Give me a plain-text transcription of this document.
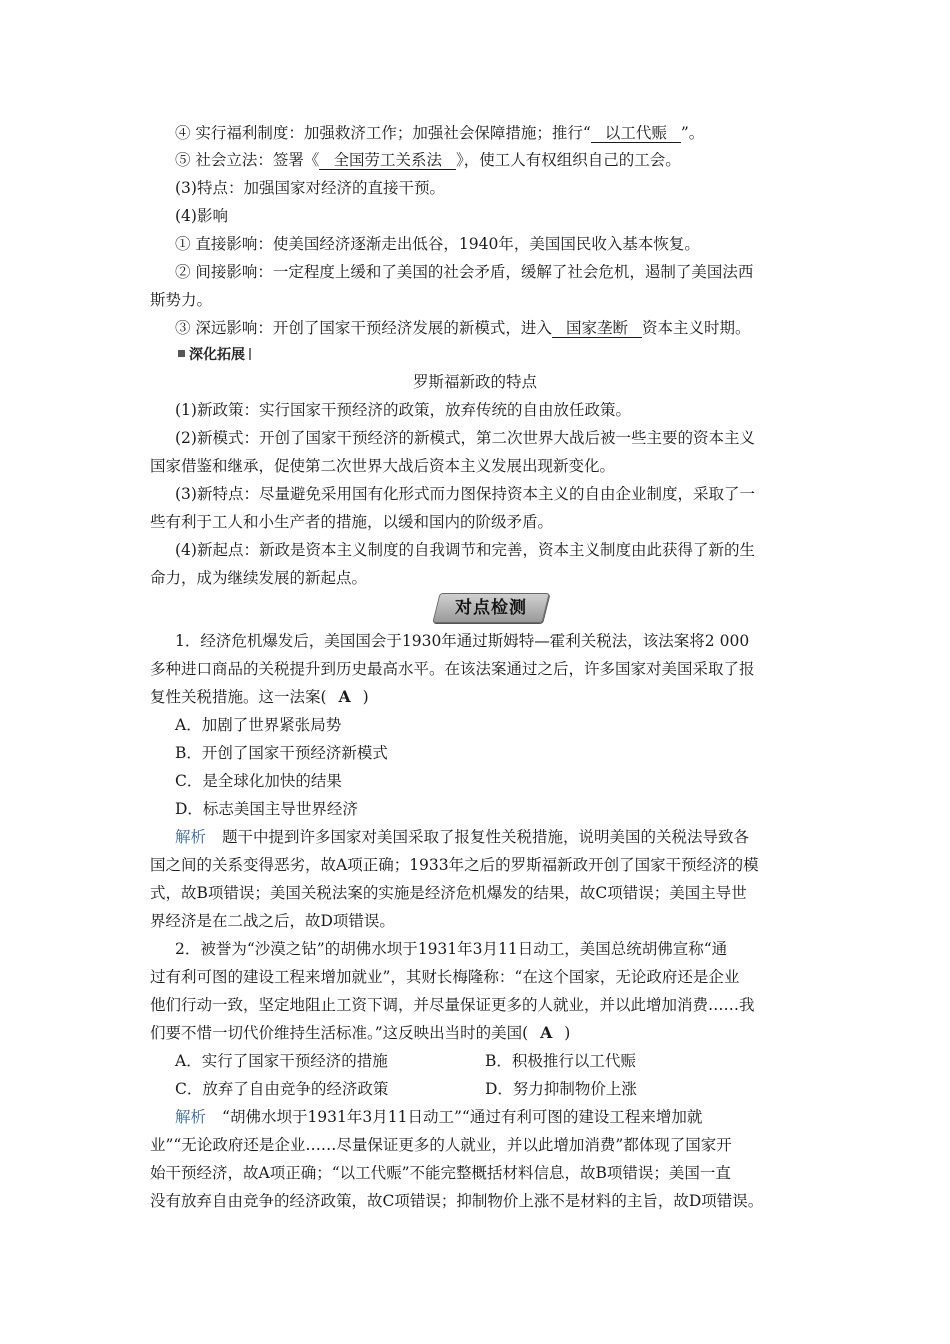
④ 实行福利制度：加强救济工作；加强社会保障措施；推行“ 以工代赈 ”。
⑤ 社会立法：签署《 全国劳工关系法 》，使工人有权组织自己的工会。
(3)特点：加强国家对经济的直接干预。
(4)影响
① 直接影响：使美国经济逐渐走出低谷，1940年，美国国民收入基本恢复。
② 间接影响：一定程度上缓和了美国的社会矛盾，缓解了社会危机，遏制了美国法西
斯势力。
③ 深远影响：开创了国家干预经济发展的新模式，进入 国家垄断 资本主义时期。
深化拓展
罗斯福新政的特点
(1)新政策：实行国家干预经济的政策，放弃传统的自由放任政策。
(2)新模式：开创了国家干预经济的新模式，第二次世界大战后被一些主要的资本主义
国家借鉴和继承，促使第二次世界大战后资本主义发展出现新变化。
(3)新特点：尽量避免采用国有化形式而力图保持资本主义的自由企业制度，采取了一
些有利于工人和小生产者的措施，以缓和国内的阶级矛盾。
(4)新起点：新政是资本主义制度的自我调节和完善，资本主义制度由此获得了新的生
命力，成为继续发展的新起点。
对点检测
1．经济危机爆发后，美国国会于1930年通过斯姆特—霍利关税法，该法案将2 000
多种进口商品的关税提升到历史最高水平。在该法案通过之后，许多国家对美国采取了报
复性关税措施。这一法案( A )
A．加剧了世界紧张局势
B．开创了国家干预经济新模式
C．是全球化加快的结果
D．标志美国主导世界经济
解析 题干中提到许多国家对美国采取了报复性关税措施，说明美国的关税法导致各
国之间的关系变得恶劣，故A项正确；1933年之后的罗斯福新政开创了国家干预经济的模
式，故B项错误；美国关税法案的实施是经济危机爆发的结果，故C项错误；美国主导世
界经济是在二战之后，故D项错误。
2．被誉为“沙漠之钻”的胡佛水坝于1931年3月11日动工，美国总统胡佛宣称“通
过有利可图的建设工程来增加就业”，其财长梅隆称：“在这个国家，无论政府还是企业
他们行动一致，坚定地阻止工资下调，并尽量保证更多的人就业，并以此增加消费……我
们要不惜一切代价维持生活标准。”这反映出当时的美国( A )
A．实行了国家干预经济的措施	B．积极推行以工代赈
C．放弃了自由竞争的经济政策	D．努力抑制物价上涨
解析 “胡佛水坝于1931年3月11日动工”“通过有利可图的建设工程来增加就
业”“无论政府还是企业……尽量保证更多的人就业，并以此增加消费”都体现了国家开
始干预经济，故A项正确；“以工代赈”不能完整概括材料信息，故B项错误；美国一直
没有放弃自由竞争的经济政策，故C项错误；抑制物价上涨不是材料的主旨，故D项错误。
